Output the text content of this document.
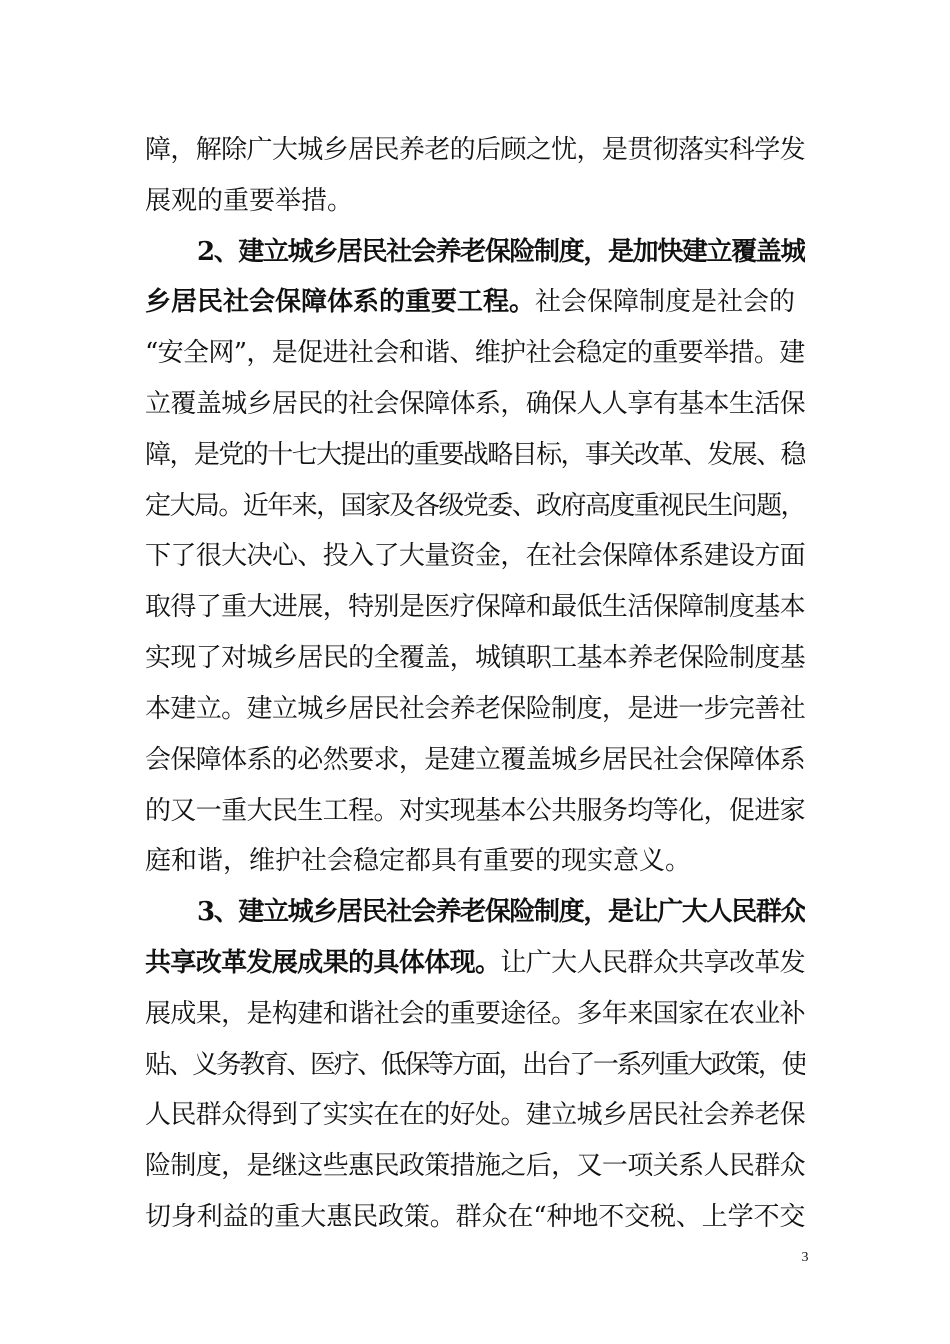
障，解除广大城乡居民养老的后顾之忧，是贯彻落实科学发
展观的重要举措。
2、建立城乡居民社会养老保险制度，是加快建立覆盖城
乡居民社会保障体系的重要工程。社会保障制度是社会的
“安全网”，是促进社会和谐、维护社会稳定的重要举措。建
立覆盖城乡居民的社会保障体系，确保人人享有基本生活保
障，是党的十七大提出的重要战略目标，事关改革、发展、稳
定大局。近年来，国家及各级党委、政府高度重视民生问题，
下了很大决心、投入了大量资金，在社会保障体系建设方面
取得了重大进展，特别是医疗保障和最低生活保障制度基本
实现了对城乡居民的全覆盖，城镇职工基本养老保险制度基
本建立。建立城乡居民社会养老保险制度，是进一步完善社
会保障体系的必然要求，是建立覆盖城乡居民社会保障体系
的又一重大民生工程。对实现基本公共服务均等化，促进家
庭和谐，维护社会稳定都具有重要的现实意义。
3、建立城乡居民社会养老保险制度，是让广大人民群众
共享改革发展成果的具体体现。让广大人民群众共享改革发
展成果，是构建和谐社会的重要途径。多年来国家在农业补
贴、义务教育、医疗、低保等方面，出台了一系列重大政策，使
人民群众得到了实实在在的好处。建立城乡居民社会养老保
险制度，是继这些惠民政策措施之后，又一项关系人民群众
切身利益的重大惠民政策。群众在“种地不交税、上学不交
3
